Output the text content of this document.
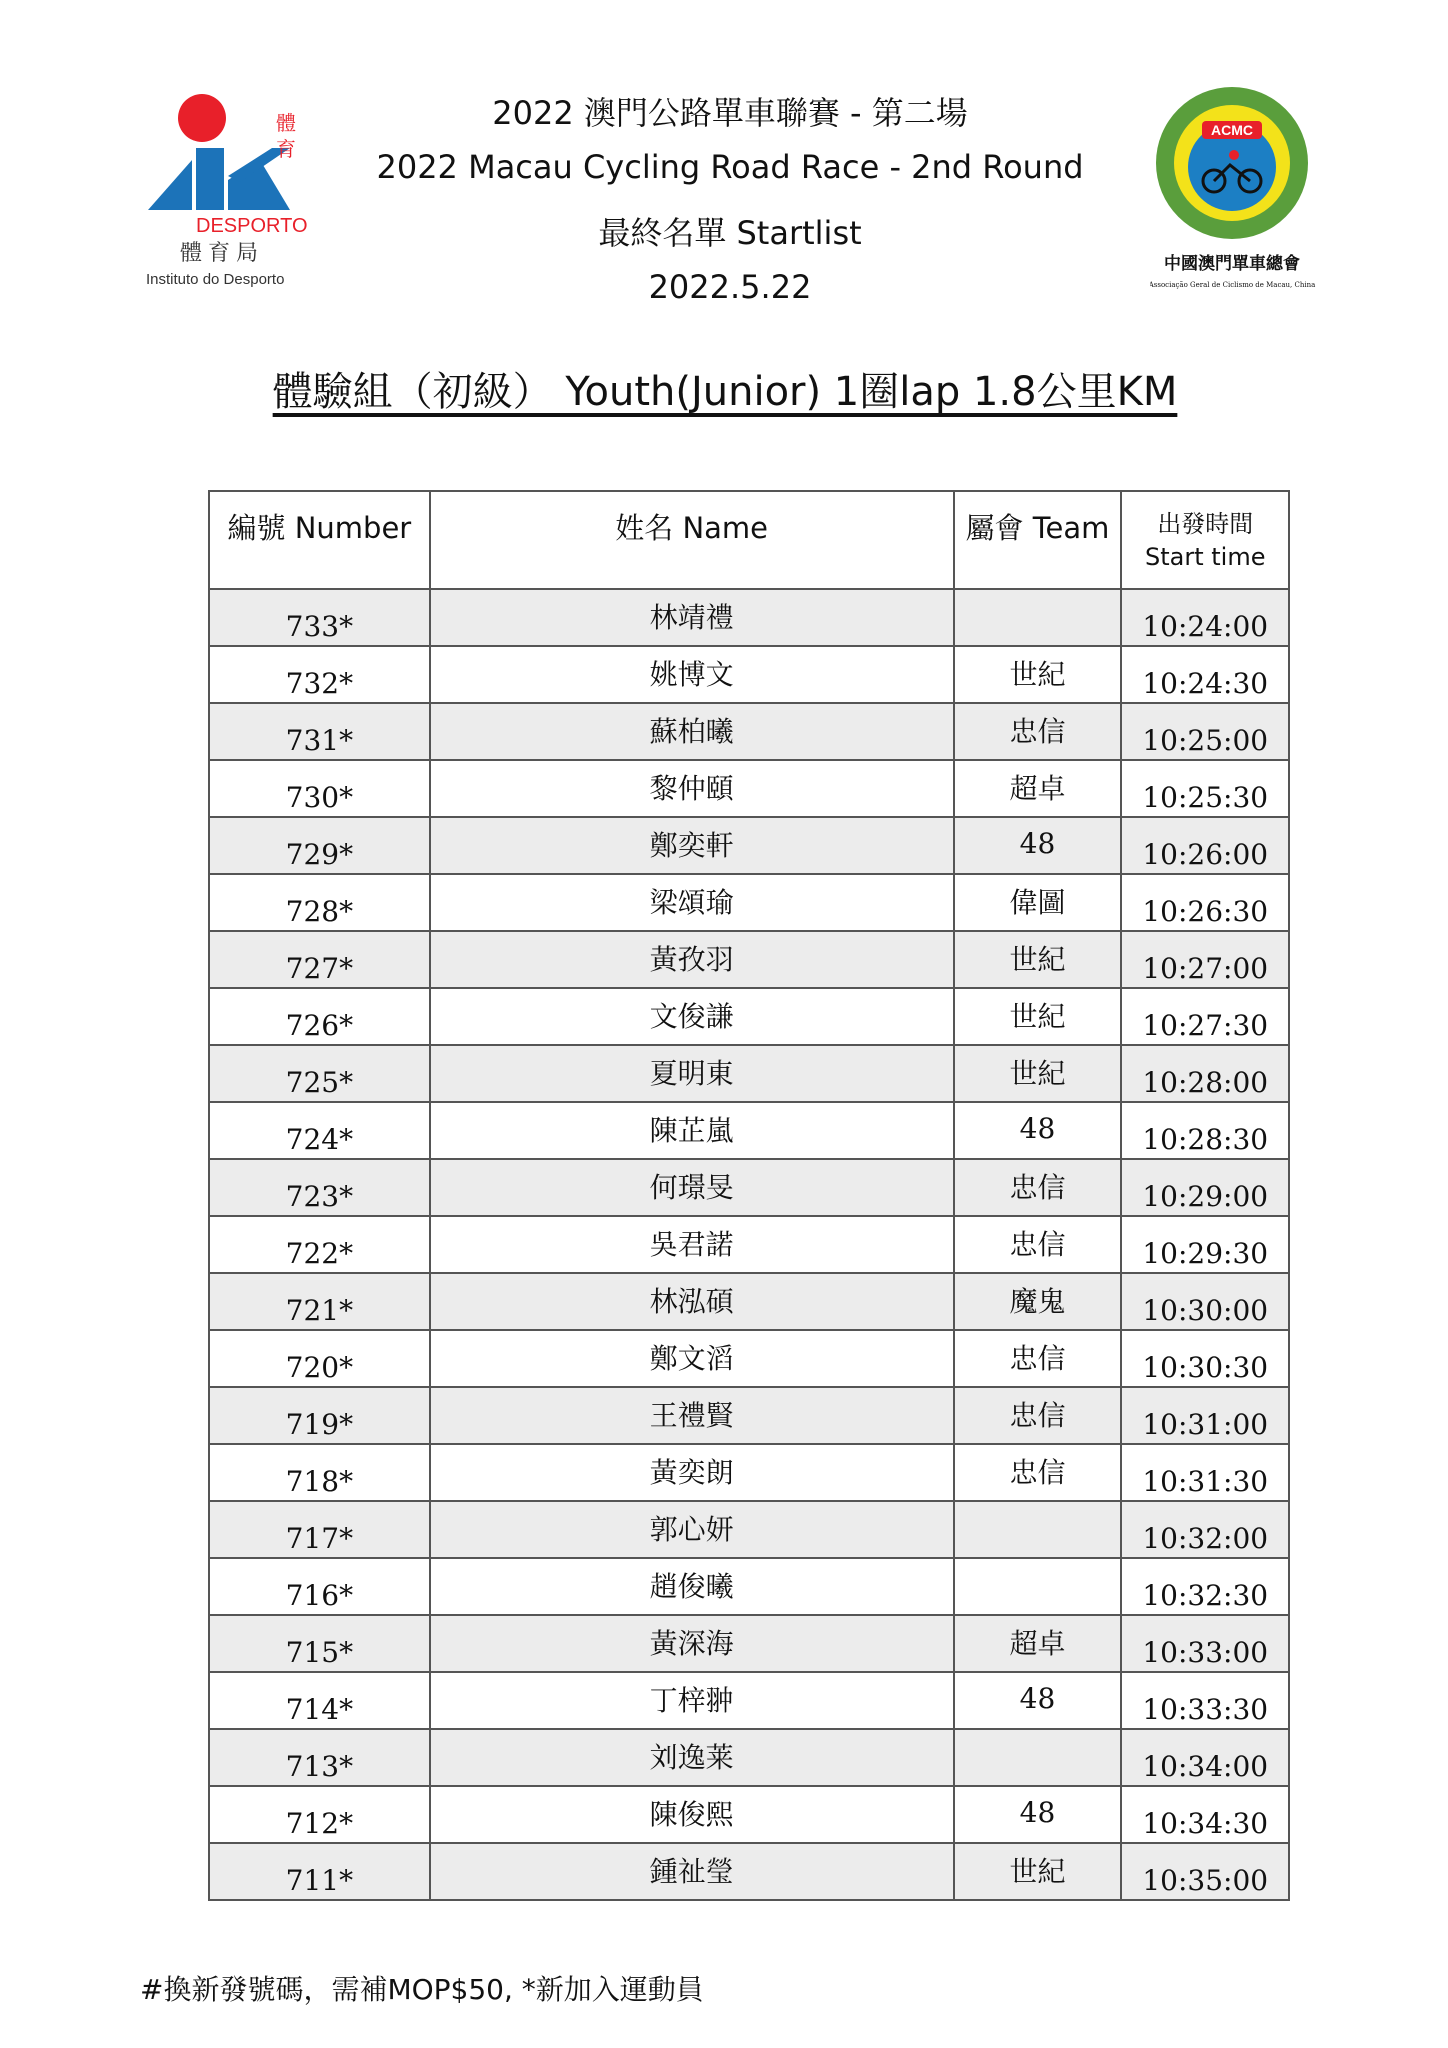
體
育
DESPORTO
體育局
Instituto do Desporto
2022 澳門公路單車聯賽 - 第二場
2022 Macau Cycling Road Race - 2nd Round
最終名單 Startlist
2022.5.22
ACMC
中國澳門單車總會
Associação Geral de Ciclismo de Macau, China
體驗組（初級） Youth(Junior) 1圈lap 1.8公里KM
編號 Number	姓名 Name	屬會 Team	出發時間
Start time

733*	林靖禮		10:24:00
732*	姚博文	世紀	10:24:30
731*	蘇柏曦	忠信	10:25:00
730*	黎仲頤	超卓	10:25:30
729*	鄭奕軒	48	10:26:00
728*	梁頌瑜	偉圖	10:26:30
727*	黃孜羽	世紀	10:27:00
726*	文俊謙	世紀	10:27:30
725*	夏明東	世紀	10:28:00
724*	陳芷嵐	48	10:28:30
723*	何璟旻	忠信	10:29:00
722*	吳君諾	忠信	10:29:30
721*	林泓碩	魔鬼	10:30:00
720*	鄭文滔	忠信	10:30:30
719*	王禮賢	忠信	10:31:00
718*	黃奕朗	忠信	10:31:30
717*	郭心妍		10:32:00
716*	趙俊曦		10:32:30
715*	黃深海	超卓	10:33:00
714*	丁梓翀	48	10:33:30
713*	刘逸莱		10:34:00
712*	陳俊熙	48	10:34:30
711*	鍾祉瑩	世紀	10:35:00
#換新發號碼，需補MOP$50, *新加入運動員
